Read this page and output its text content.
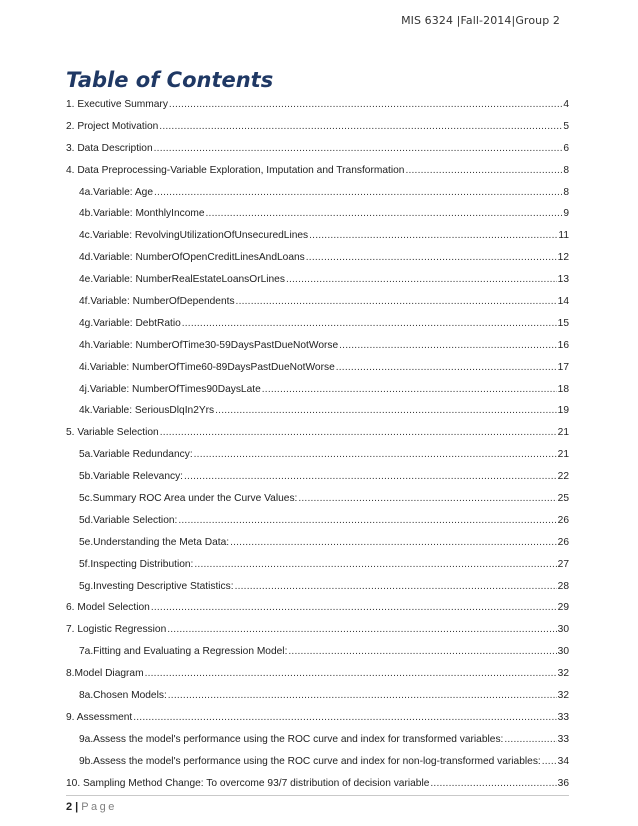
MIS 6324 |Fall-2014|Group 2
Table of Contents
1. Executive Summary .....	4
2. Project Motivation .....	5
3. Data Description .....	6
4. Data Preprocessing-Variable Exploration, Imputation and Transformation .....	8
4a.Variable: Age .....	8
4b.Variable: MonthlyIncome .....	9
4c.Variable: RevolvingUtilizationOfUnsecuredLines .....	11
4d.Variable: NumberOfOpenCreditLinesAndLoans .....	12
4e.Variable: NumberRealEstateLoansOrLines .....	13
4f.Variable: NumberOfDependents .....	14
4g.Variable: DebtRatio .....	15
4h.Variable: NumberOfTime30-59DaysPastDueNotWorse .....	16
4i.Variable: NumberOfTime60-89DaysPastDueNotWorse .....	17
4j.Variable: NumberOfTimes90DaysLate .....	18
4k.Variable: SeriousDlqIn2Yrs .....	19
5. Variable Selection .....	21
5a.Variable Redundancy: .....	21
5b.Variable Relevancy: .....	22
5c.Summary ROC Area under the Curve Values: .....	25
5d.Variable Selection: .....	26
5e.Understanding the Meta Data: .....	26
5f.Inspecting Distribution: .....	27
5g.Investing Descriptive Statistics: .....	28
6. Model Selection .....	29
7. Logistic Regression .....	30
7a.Fitting and Evaluating a Regression Model: .....	30
8.Model Diagram .....	32
8a.Chosen Models: .....	32
9. Assessment .....	33
9a.Assess the model's performance using the ROC curve and index for transformed variables: .....	33
9b.Assess the model's performance using the ROC curve and index for non-log-transformed variables: ..... 34
10. Sampling Method Change: To overcome 93/7 distribution of decision variable .....	36
2 | Page
